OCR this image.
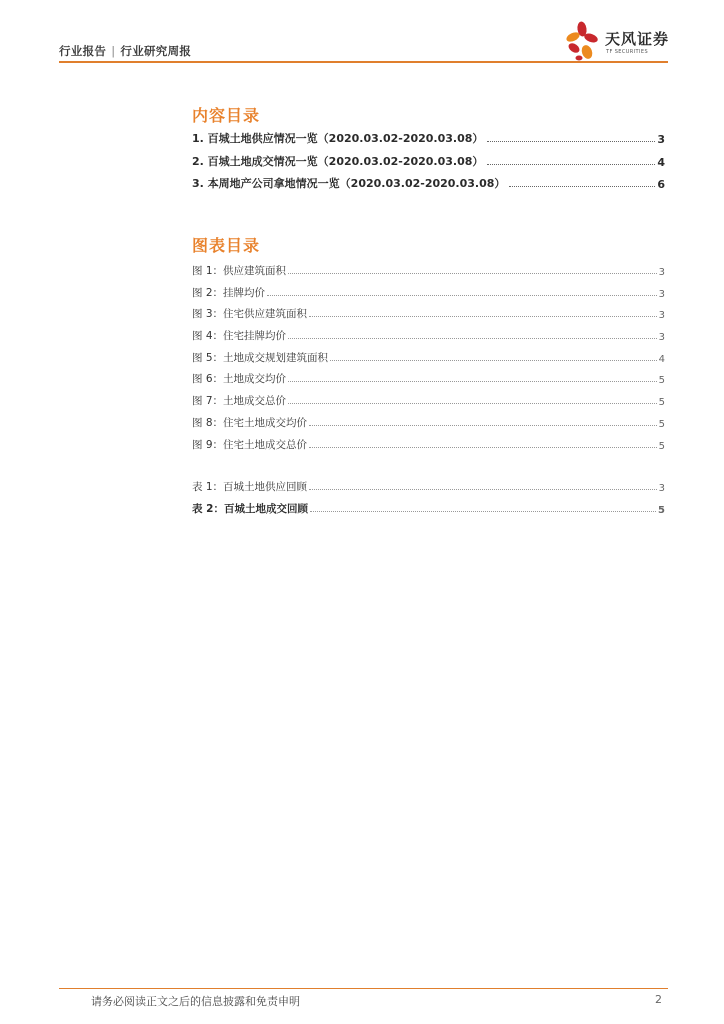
行业报告 | 行业研究周报
天风证券
TF SECURITIES
内容目录
1. 百城土地供应情况一览（2020.03.02-2020.03.08）	3
2. 百城土地成交情况一览（2020.03.02-2020.03.08）	4
3. 本周地产公司拿地情况一览（2020.03.02-2020.03.08）	6
图表目录
图 1：供应建筑面积	3
图 2：挂牌均价	3
图 3：住宅供应建筑面积	3
图 4：住宅挂牌均价	3
图 5：土地成交规划建筑面积	4
图 6：土地成交均价	5
图 7：土地成交总价	5
图 8：住宅土地成交均价	5
图 9：住宅土地成交总价	5
表 1：百城土地供应回顾	3
表 2：百城土地成交回顾	5
请务必阅读正文之后的信息披露和免责申明	2
